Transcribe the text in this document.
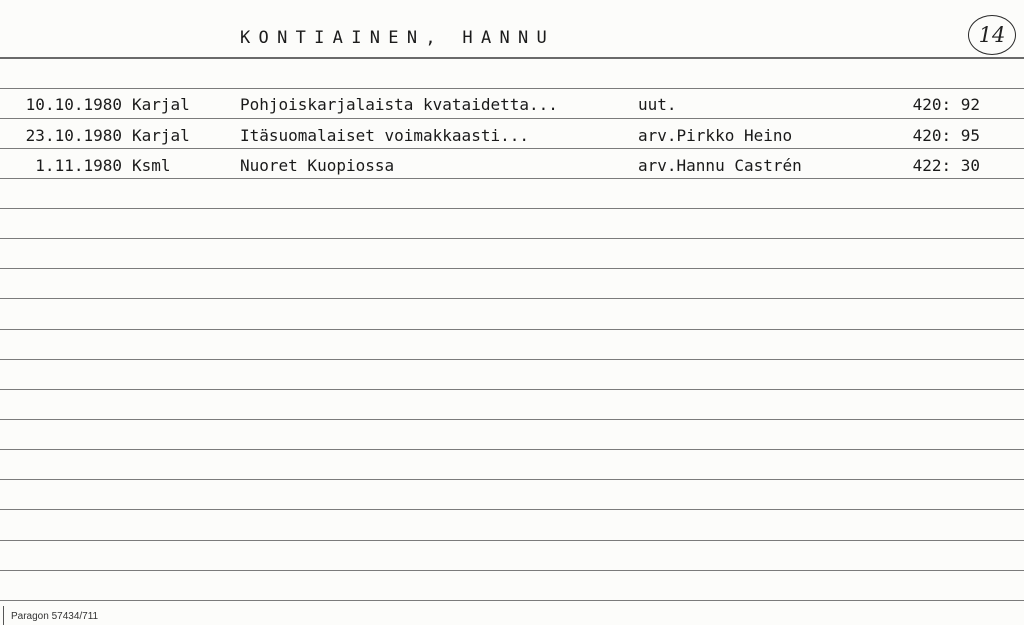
KONTIAINEN, HANNU	14
10.10.1980 Karjal	Pohjoiskarjalaista kvataidetta...	uut.	420: 92
23.10.1980 Karjal	Itäsuomalaiset voimakkaasti...	arv.Pirkko Heino	420: 95
1.11.1980 Ksml	Nuoret Kuopiossa	arv.Hannu Castrén	422: 30
Paragon 57434/711
